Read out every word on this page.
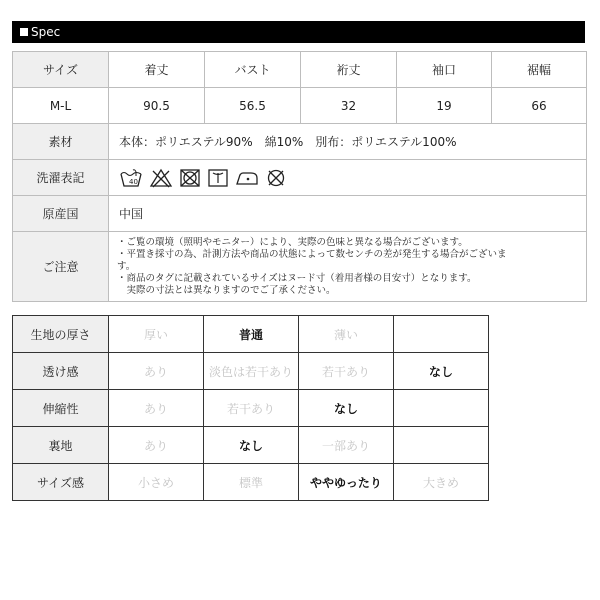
Spec
サイズ	着丈	バスト	裄丈	袖口	裾幅
M-L	90.5	56.5	32	19	66
素材	本体：ポリエステル90%　綿10%　別布：ポリエステル100%				
洗濯表記	40				

原産国	中国				
ご注意	・ご覧の環境（照明やモニター）により、実際の色味と異なる場合がございます。
・平置き採寸の為、計測方法や商品の状態によって数センチの差が発生する場合がございま
す。
・商品のタグに記載されているサイズはヌード寸（着用者様の目安寸）となります。
　実際の寸法とは異なりますのでご了承ください。				
生地の厚さ	厚い	普通	薄い	
透け感	あり	淡色は若干あり	若干あり	なし
伸縮性	あり	若干あり	なし	
裏地	あり	なし	一部あり	
サイズ感	小さめ	標準	ややゆったり	大きめ
